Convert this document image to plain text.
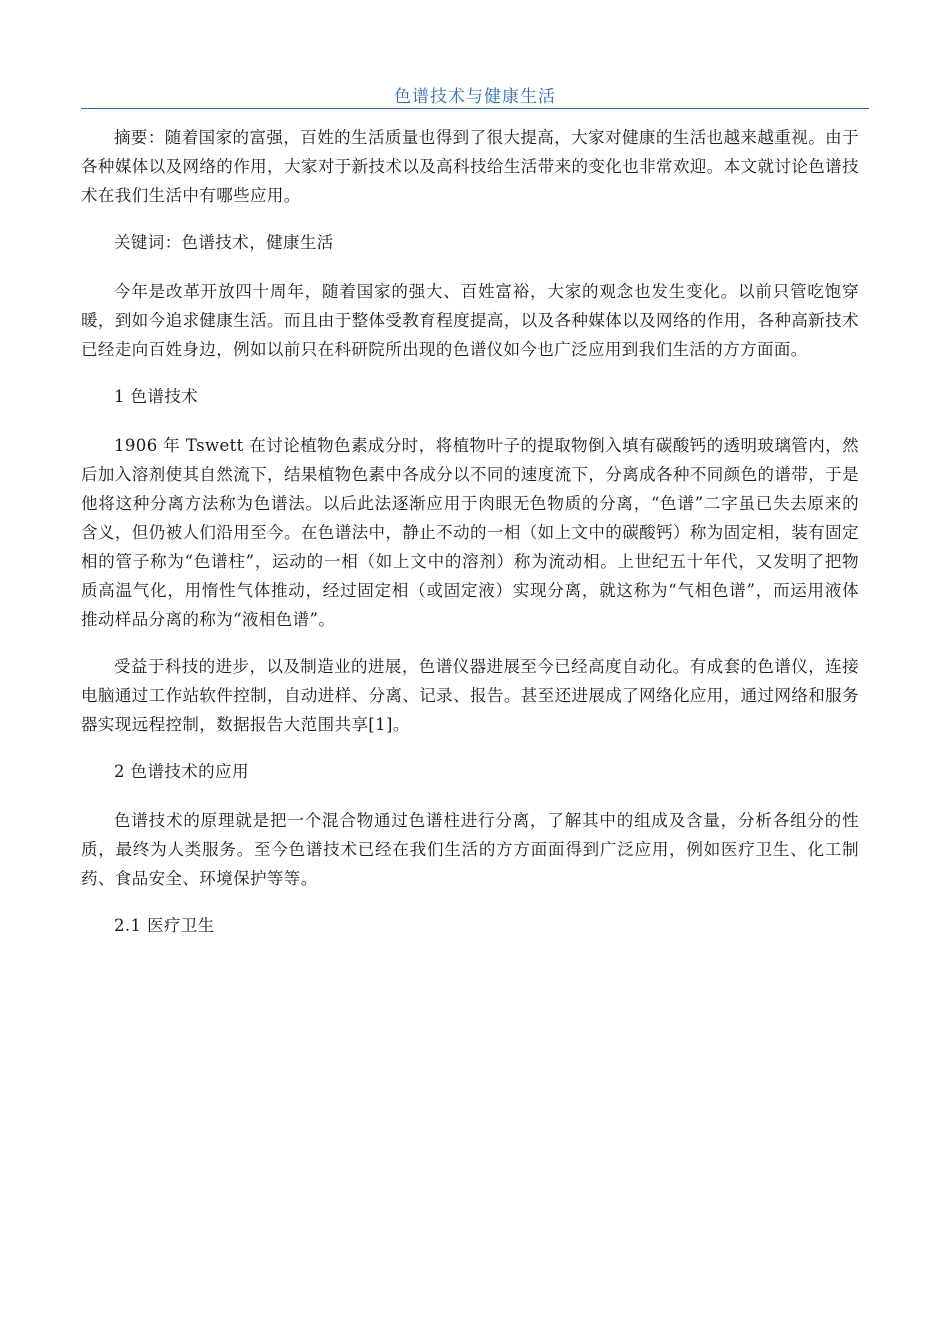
色谱技术与健康生活

摘要：随着国家的富强，百姓的生活质量也得到了很大提高，大家对健康的生活也越来越重视。由于各种媒体以及网络的作用，大家对于新技术以及高科技给生活带来的变化也非常欢迎。本文就讨论色谱技术在我们生活中有哪些应用。

关键词：色谱技术，健康生活

今年是改革开放四十周年，随着国家的强大、百姓富裕，大家的观念也发生变化。以前只管吃饱穿暖，到如今追求健康生活。而且由于整体受教育程度提高，以及各种媒体以及网络的作用，各种高新技术已经走向百姓身边，例如以前只在科研院所出现的色谱仪如今也广泛应用到我们生活的方方面面。

1 色谱技术

1906 年 Tswett 在讨论植物色素成分时，将植物叶子的提取物倒入填有碳酸钙的透明玻璃管内，然后加入溶剂使其自然流下，结果植物色素中各成分以不同的速度流下，分离成各种不同颜色的谱带，于是他将这种分离方法称为色谱法。以后此法逐渐应用于肉眼无色物质的分离，“色谱”二字虽已失去原来的含义，但仍被人们沿用至今。在色谱法中，静止不动的一相（如上文中的碳酸钙）称为固定相，装有固定相的管子称为“色谱柱”，运动的一相（如上文中的溶剂）称为流动相。上世纪五十年代，又发明了把物质高温气化，用惰性气体推动，经过固定相（或固定液）实现分离，就这称为“气相色谱”，而运用液体推动样品分离的称为“液相色谱”。

受益于科技的进步，以及制造业的进展，色谱仪器进展至今已经高度自动化。有成套的色谱仪，连接电脑通过工作站软件控制，自动进样、分离、记录、报告。甚至还进展成了网络化应用，通过网络和服务器实现远程控制，数据报告大范围共享[1]。

2 色谱技术的应用

色谱技术的原理就是把一个混合物通过色谱柱进行分离，了解其中的组成及含量，分析各组分的性质，最终为人类服务。至今色谱技术已经在我们生活的方方面面得到广泛应用，例如医疗卫生、化工制药、食品安全、环境保护等等。

2.1 医疗卫生
